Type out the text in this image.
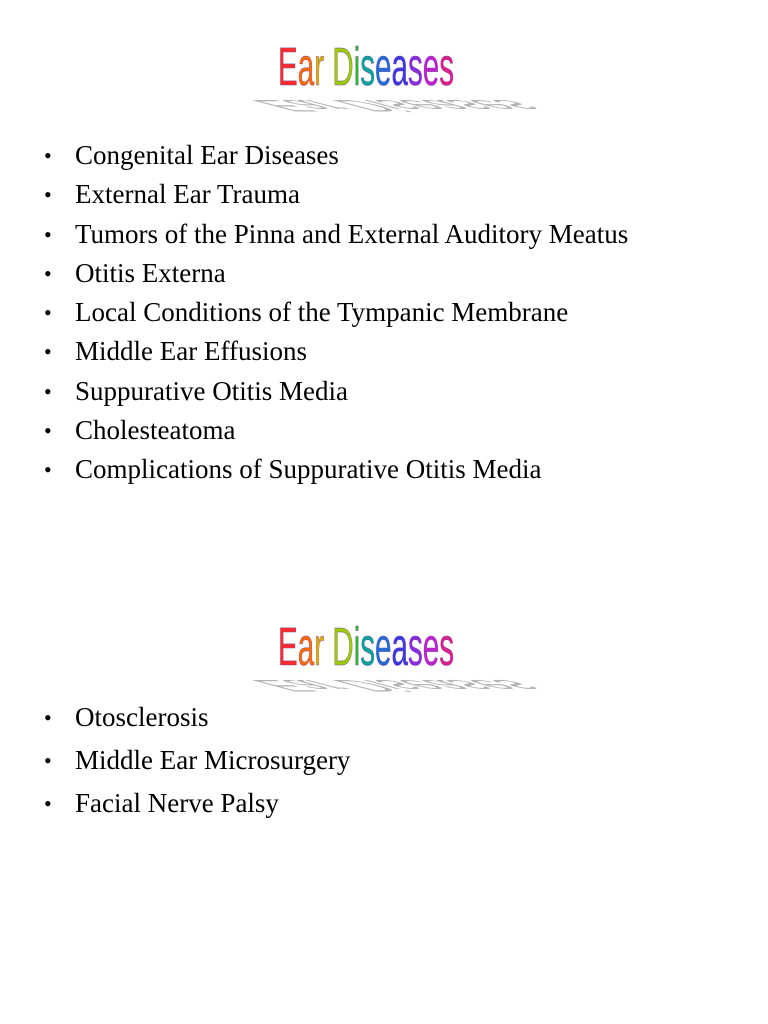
Ear Diseases
Ear Diseases
• Congenital Ear Diseases
• External Ear Trauma
• Tumors of the Pinna and External Auditory Meatus
• Otitis Externa
• Local Conditions of the Tympanic Membrane
• Middle Ear Effusions
• Suppurative Otitis Media
• Cholesteatoma
• Complications of Suppurative Otitis Media
Ear Diseases
Ear Diseases
• Otosclerosis
• Middle Ear Microsurgery
• Facial Nerve Palsy
